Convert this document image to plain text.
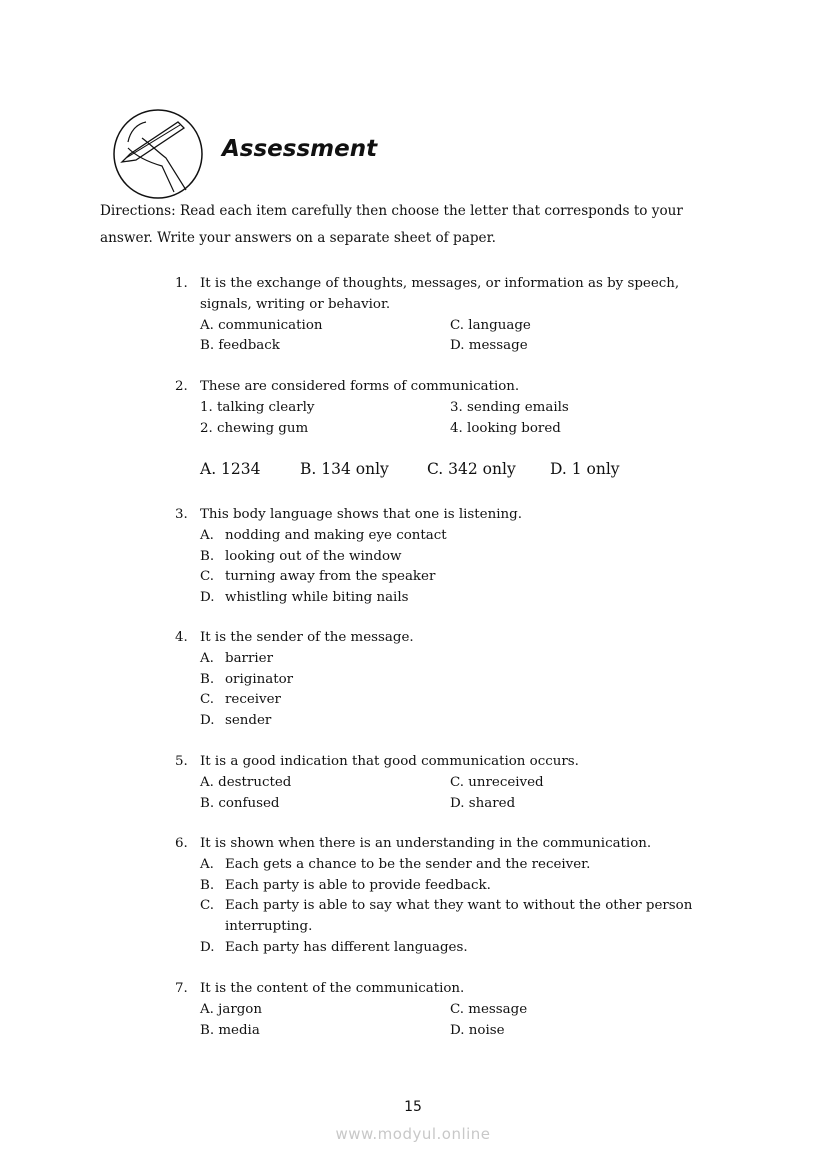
Assessment
Directions: Read each item carefully then choose the letter that corresponds to your answer. Write your answers on a separate sheet of paper.
1. It is the exchange of thoughts, messages, or information as by speech, signals, writing or behavior.
A. communication	C. language
B. feedback	D. message
2. These are considered forms of communication.
1. talking clearly	3. sending emails
2. chewing gum	4. looking bored
A. 1234	B. 134 only C. 342 only D. 1 only
3. This body language shows that one is listening.
A. nodding and making eye contact
B. looking out of the window
C. turning away from the speaker
D. whistling while biting nails
4. It is the sender of the message.
A. barrier
B. originator
C. receiver
D. sender
5. It is a good indication that good communication occurs.
A. destructed	C. unreceived
B. confused	D. shared
6. It is shown when there is an understanding in the communication.
A. Each gets a chance to be the sender and the receiver.
B. Each party is able to provide feedback.
C. Each party is able to say what they want to without the other person interrupting.
D. Each party has different languages.
7. It is the content of the communication.
A. jargon	C. message
B. media	D. noise
15
www.modyul.online
